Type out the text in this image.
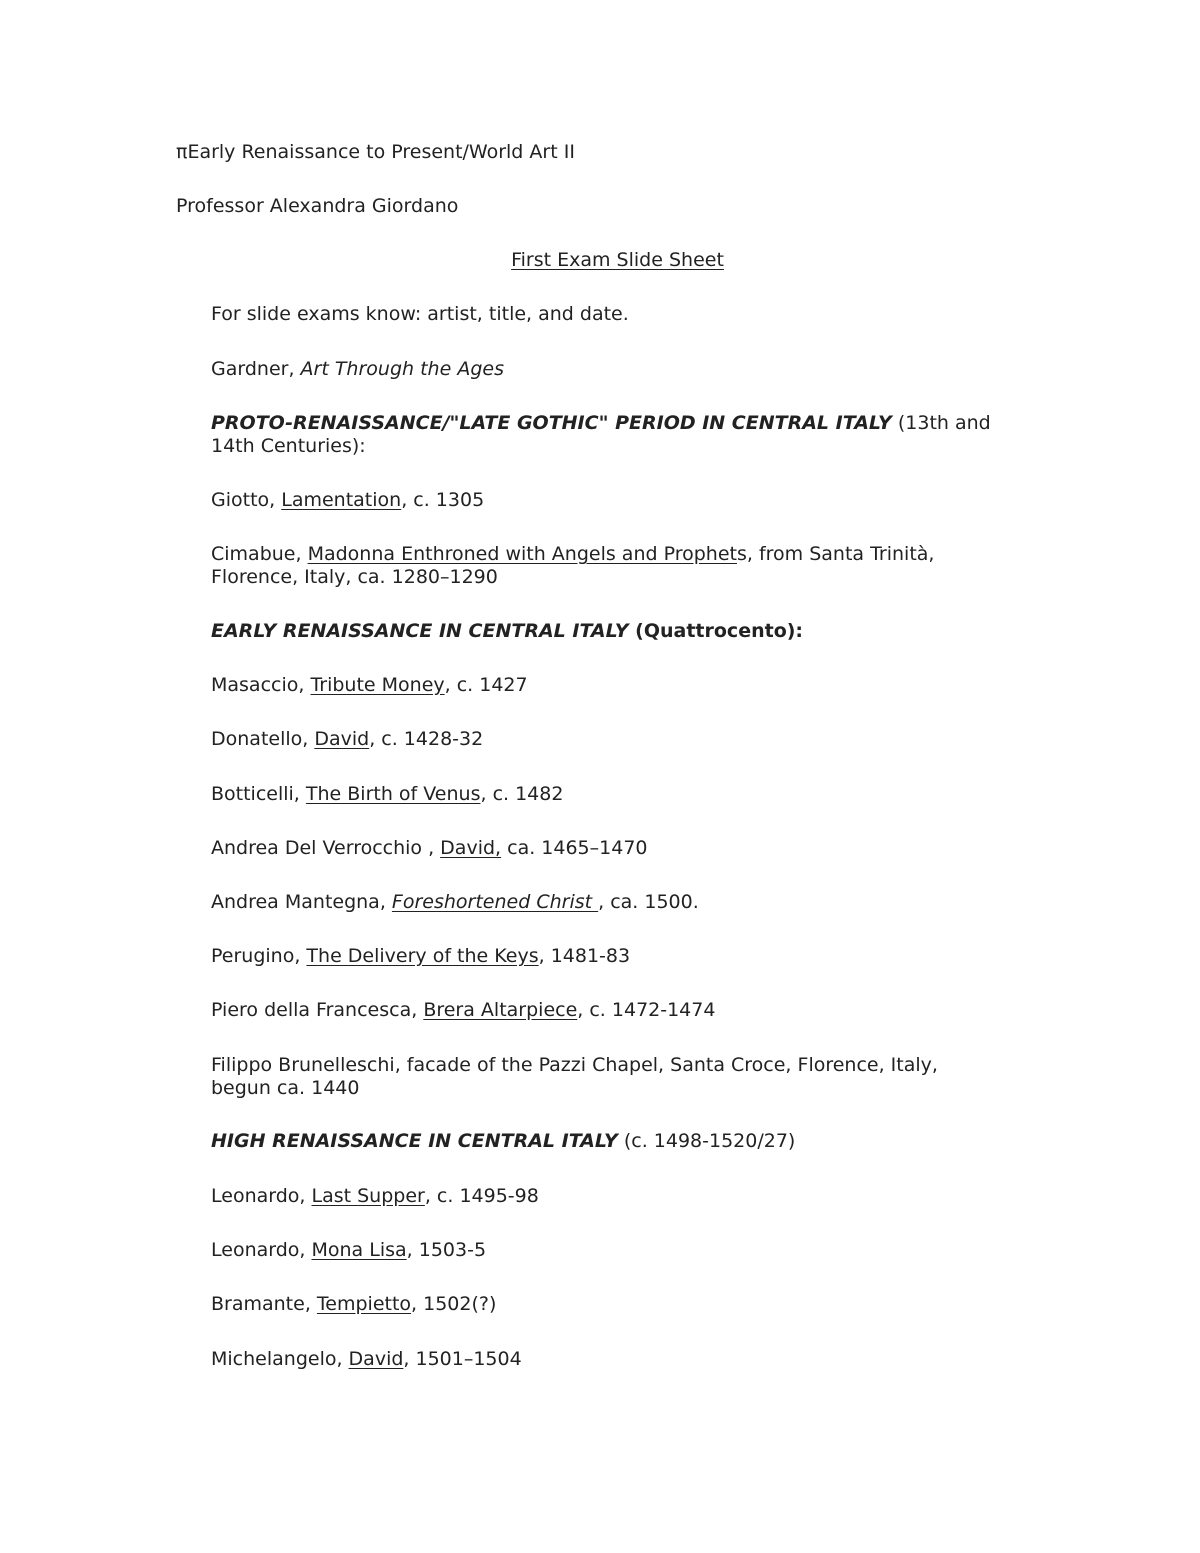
πEarly Renaissance to Present/World Art II
Professor Alexandra Giordano
First Exam Slide Sheet
For slide exams know: artist, title, and date.
Gardner, Art Through the Ages
PROTO-RENAISSANCE/"LATE GOTHIC" PERIOD IN CENTRAL ITALY (13th and 14th Centuries):
Giotto, Lamentation, c. 1305
Cimabue, Madonna Enthroned with Angels and Prophets, from Santa Trinità, Florence, Italy, ca. 1280–1290
EARLY RENAISSANCE IN CENTRAL ITALY (Quattrocento):
Masaccio, Tribute Money, c. 1427
Donatello, David, c. 1428-32
Botticelli, The Birth of Venus, c. 1482
Andrea Del Verrocchio , David, ca. 1465–1470
Andrea Mantegna, Foreshortened Christ , ca. 1500.
Perugino, The Delivery of the Keys, 1481-83
Piero della Francesca, Brera Altarpiece, c. 1472-1474
Filippo Brunelleschi, facade of the Pazzi Chapel, Santa Croce, Florence, Italy, begun ca. 1440
HIGH RENAISSANCE IN CENTRAL ITALY (c. 1498-1520/27)
Leonardo, Last Supper, c. 1495-98
Leonardo, Mona Lisa, 1503-5
Bramante, Tempietto, 1502(?)
Michelangelo, David, 1501–1504
